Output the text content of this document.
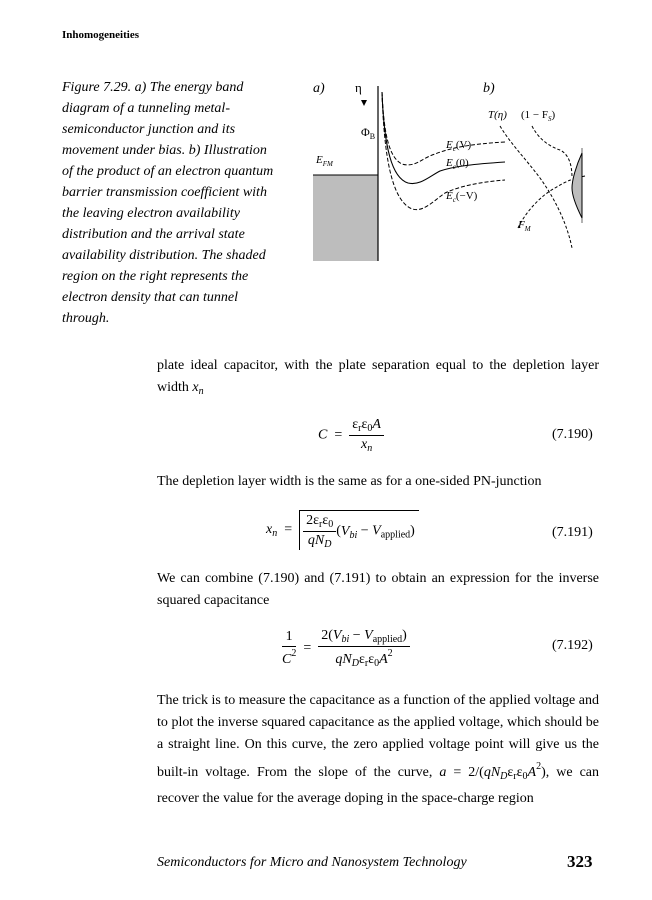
Inhomogeneities
Figure 7.29. a) The energy band diagram of a tunneling metal-semiconductor junction and its movement under bias. b) Illustration of the product of an electron quantum barrier transmission coefficient with the leaving electron availability distribution and the arrival state availability distribution. The shaded region on the right represents the electron density that can tunnel through.
a) η
$\Phi_B$
$E_{FM}$
$E_c(V)$
$E_c(0)$
$E_c(-V)$
b)
T(η) $(1 - F_S)$
$F_M$
plate ideal capacitor, with the plate separation equal to the depletion layer width $x_n$
$C = \frac{\varepsilon_r\varepsilon_0A}{x_n}$	(7.190)
The depletion layer width is the same as for a one-sided PN-junction
$x_n = \frac{2\varepsilon_r\varepsilon_0}{qN_D} (V_{bi} - V_{applied})$	(7.191)
We can combine (7.190) and (7.191) to obtain an expression for the inverse squared capacitance
$\frac{1}{C^2} = \frac{2(V_{bi} - V_{applied})}{qN_D\varepsilon_r\varepsilon_0A^2}$	(7.192)
The trick is to measure the capacitance as a function of the applied voltage and to plot the inverse squared capacitance as the applied voltage, which should be a straight line. On this curve, the zero applied voltage point will give us the built-in voltage. From the slope of the curve, $a = 2/(qN_D\varepsilon_r\varepsilon_0A^2)$, we can recover the value for the average doping in the space-charge region
Semiconductors for Micro and Nanosystem Technology	323
